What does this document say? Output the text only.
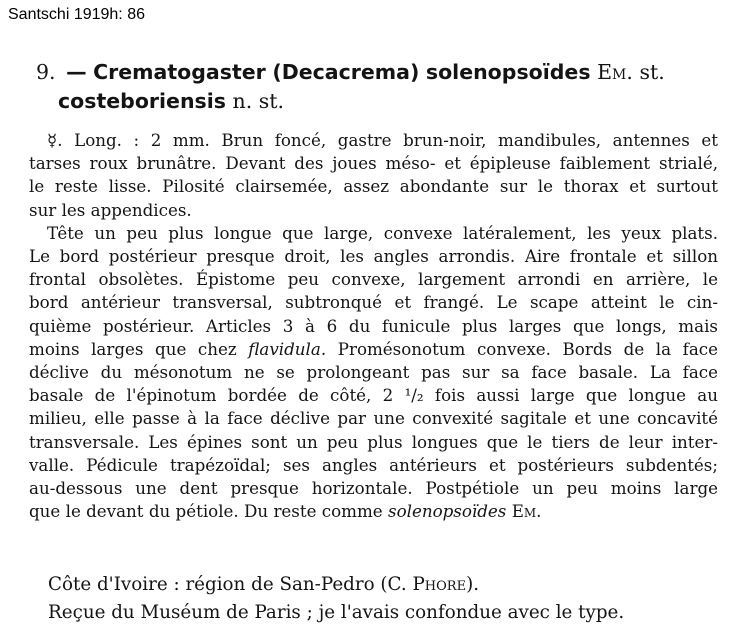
Santschi 1919h: 86
9. — Crematogaster (Decacrema) solenopsoïdes Em. st.
costeboriensis n. st.
☿. Long. : 2 mm. Brun foncé, gastre brun-noir, mandibules, antennes et
tarses roux brunâtre. Devant des joues méso- et épipleuse faiblement strialé,
le reste lisse. Pilosité clairsemée, assez abondante sur le thorax et surtout
sur les appendices.
Tête un peu plus longue que large, convexe latéralement, les yeux plats.
Le bord postérieur presque droit, les angles arrondis. Aire frontale et sillon
frontal obsolètes. Épistome peu convexe, largement arrondi en arrière, le
bord antérieur transversal, subtronqué et frangé. Le scape atteint le cin-
quième postérieur. Articles 3 à 6 du funicule plus larges que longs, mais
moins larges que chez flavidula. Promésonotum convexe. Bords de la face
déclive du mésonotum ne se prolongeant pas sur sa face basale. La face
basale de l'épinotum bordée de côté, 2 ¹/₂ fois aussi large que longue au
milieu, elle passe à la face déclive par une convexité sagitale et une concavité
transversale. Les épines sont un peu plus longues que le tiers de leur inter-
valle. Pédicule trapézoïdal; ses angles antérieurs et postérieurs subdentés;
au-dessous une dent presque horizontale. Postpétiole un peu moins large
que le devant du pétiole. Du reste comme solenopsoïdes Em.
Côte d'Ivoire : région de San-Pedro (C. Phore).
Reçue du Muséum de Paris ; je l'avais confondue avec le type.
